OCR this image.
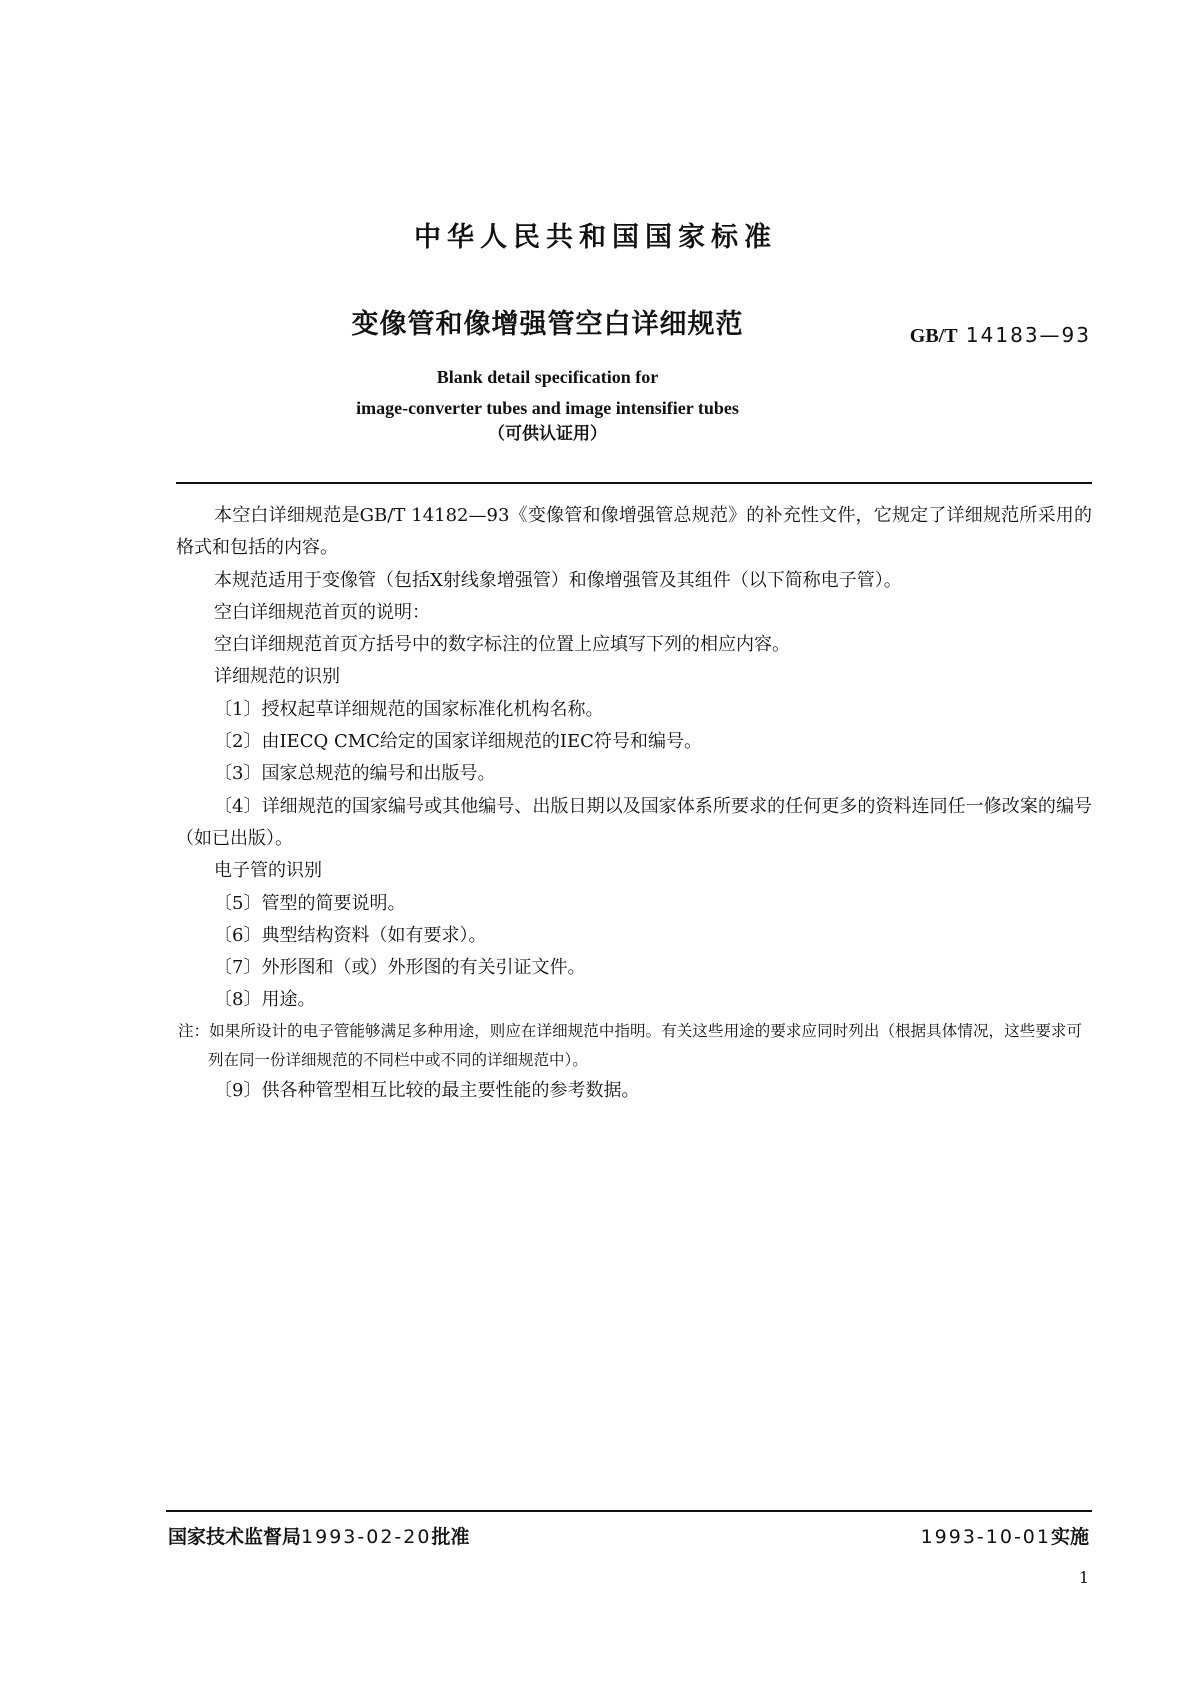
中华人民共和国国家标准
变像管和像增强管空白详细规范	GB/T 14183—93
Blank detail specification for
image-converter tubes and image intensifier tubes
（可供认证用）

本空白详细规范是GB/T 14182—93《变像管和像增强管总规范》的补充性文件，它规定了详细规范所采用的格式和包括的内容。

本规范适用于变像管（包括X射线象增强管）和像增强管及其组件（以下简称电子管）。

空白详细规范首页的说明：

空白详细规范首页方括号中的数字标注的位置上应填写下列的相应内容。

详细规范的识别

〔1〕授权起草详细规范的国家标准化机构名称。

〔2〕由IECQ CMC给定的国家详细规范的IEC符号和编号。

〔3〕国家总规范的编号和出版号。

〔4〕详细规范的国家编号或其他编号、出版日期以及国家体系所要求的任何更多的资料连同任一修改案的编号（如已出版）。

电子管的识别

〔5〕管型的简要说明。

〔6〕典型结构资料（如有要求）。

〔7〕外形图和（或）外形图的有关引证文件。

〔8〕用途。

注：如果所设计的电子管能够满足多种用途，则应在详细规范中指明。有关这些用途的要求应同时列出（根据具体情况，这些要求可列在同一份详细规范的不同栏中或不同的详细规范中）。

〔9〕供各种管型相互比较的最主要性能的参考数据。

国家技术监督局1993-02-20批准	1993-10-01实施
1
